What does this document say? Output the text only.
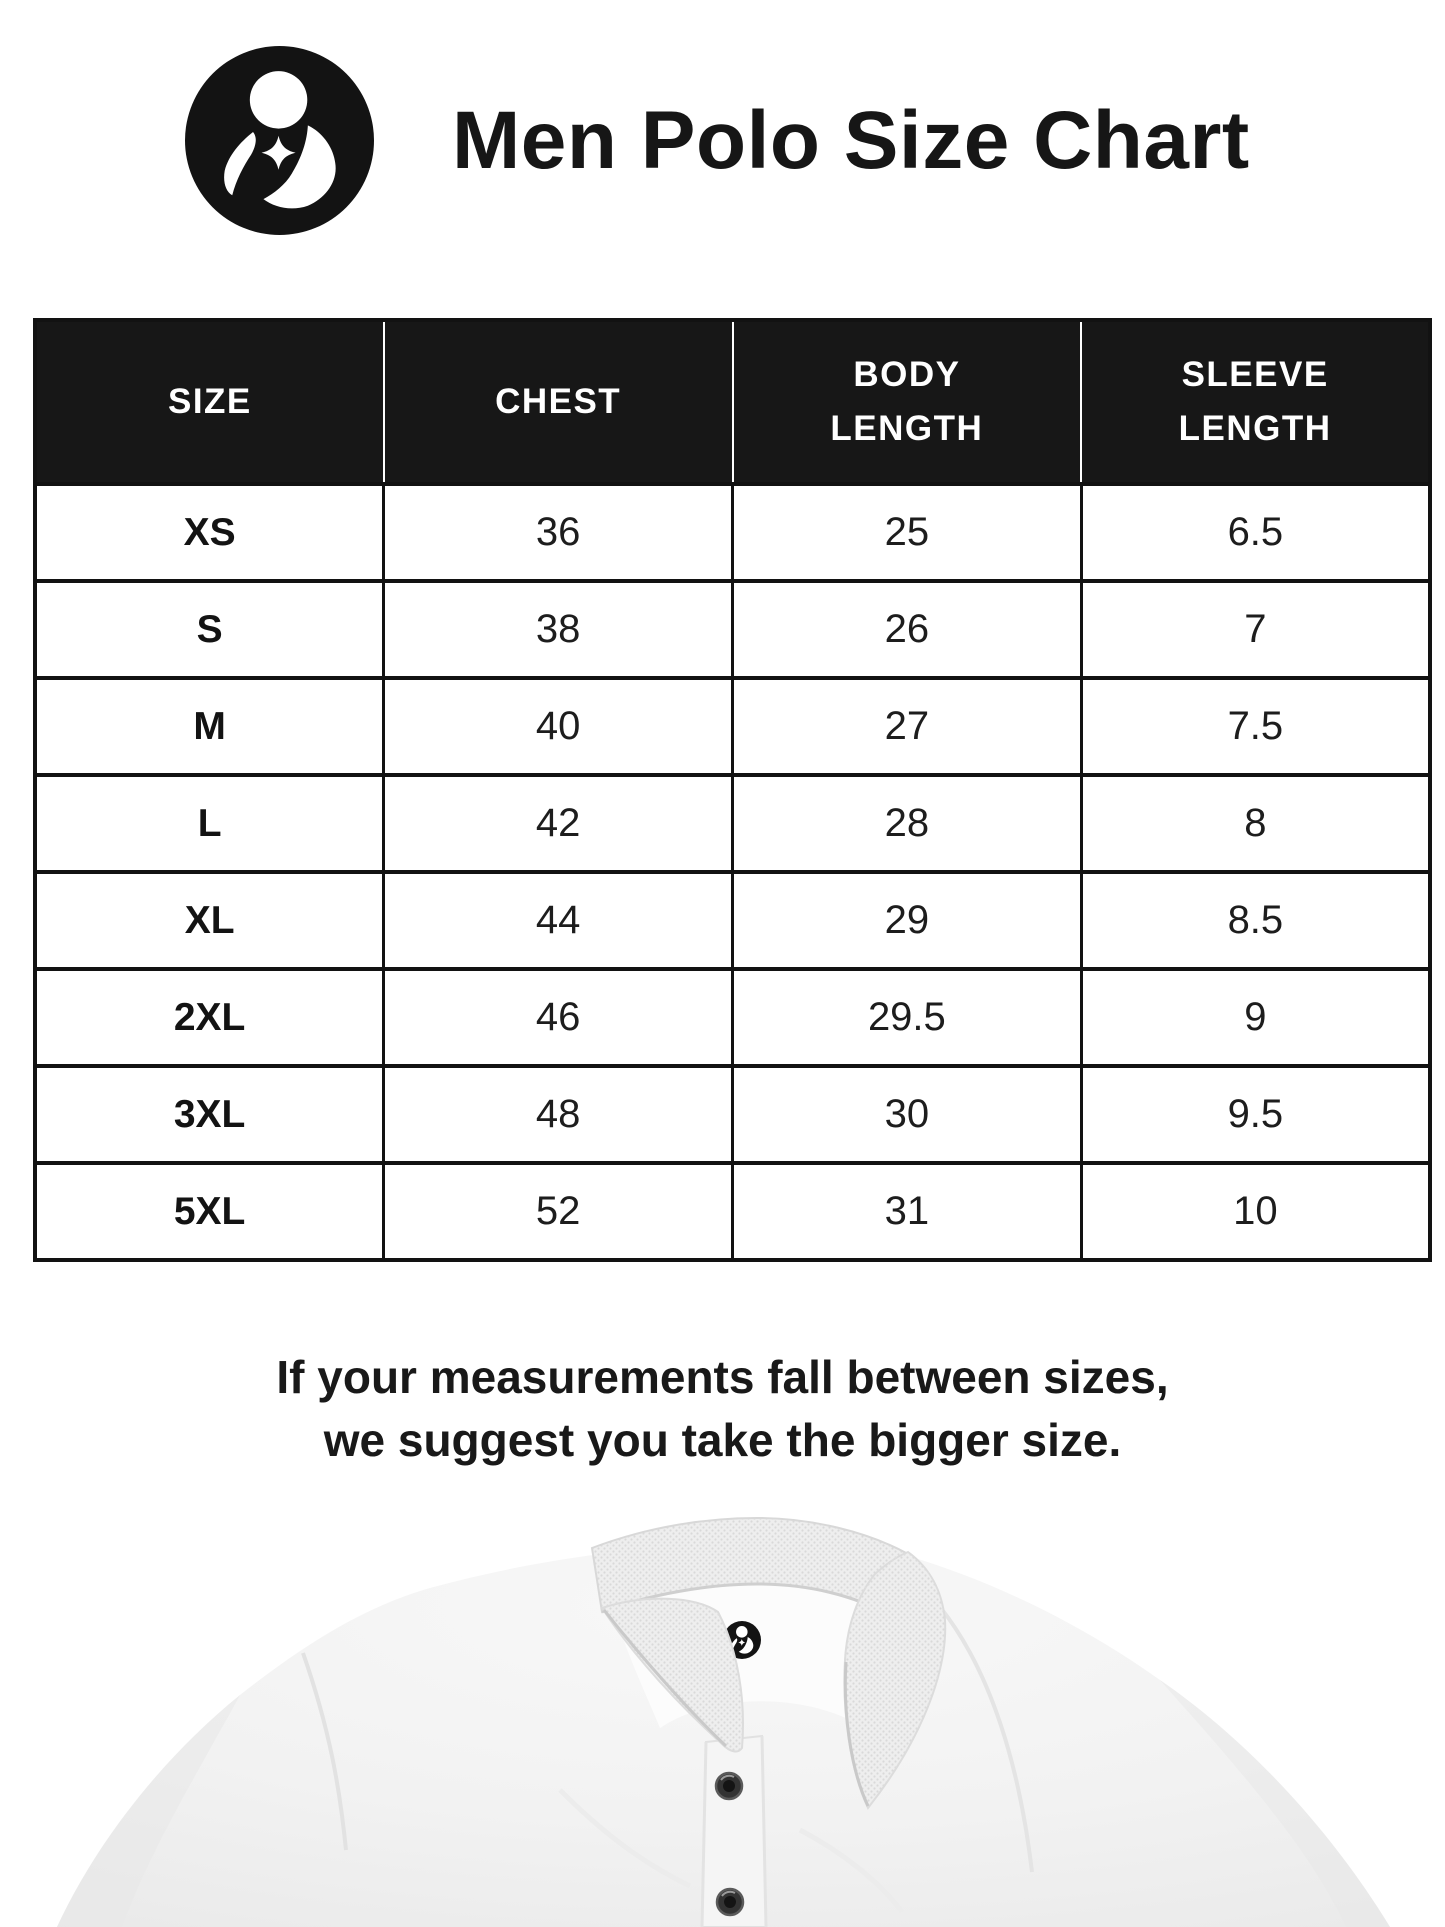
Men Polo Size Chart
SIZE	CHEST	BODY LENGTH	SLEEVE LENGTH
XS	36	25	6.5
S	38	26	7
M	40	27	7.5
L	42	28	8
XL	44	29	8.5
2XL	46	29.5	9
3XL	48	30	9.5
5XL	52	31	10
If your measurements fall between sizes,
we suggest you take the bigger size.
